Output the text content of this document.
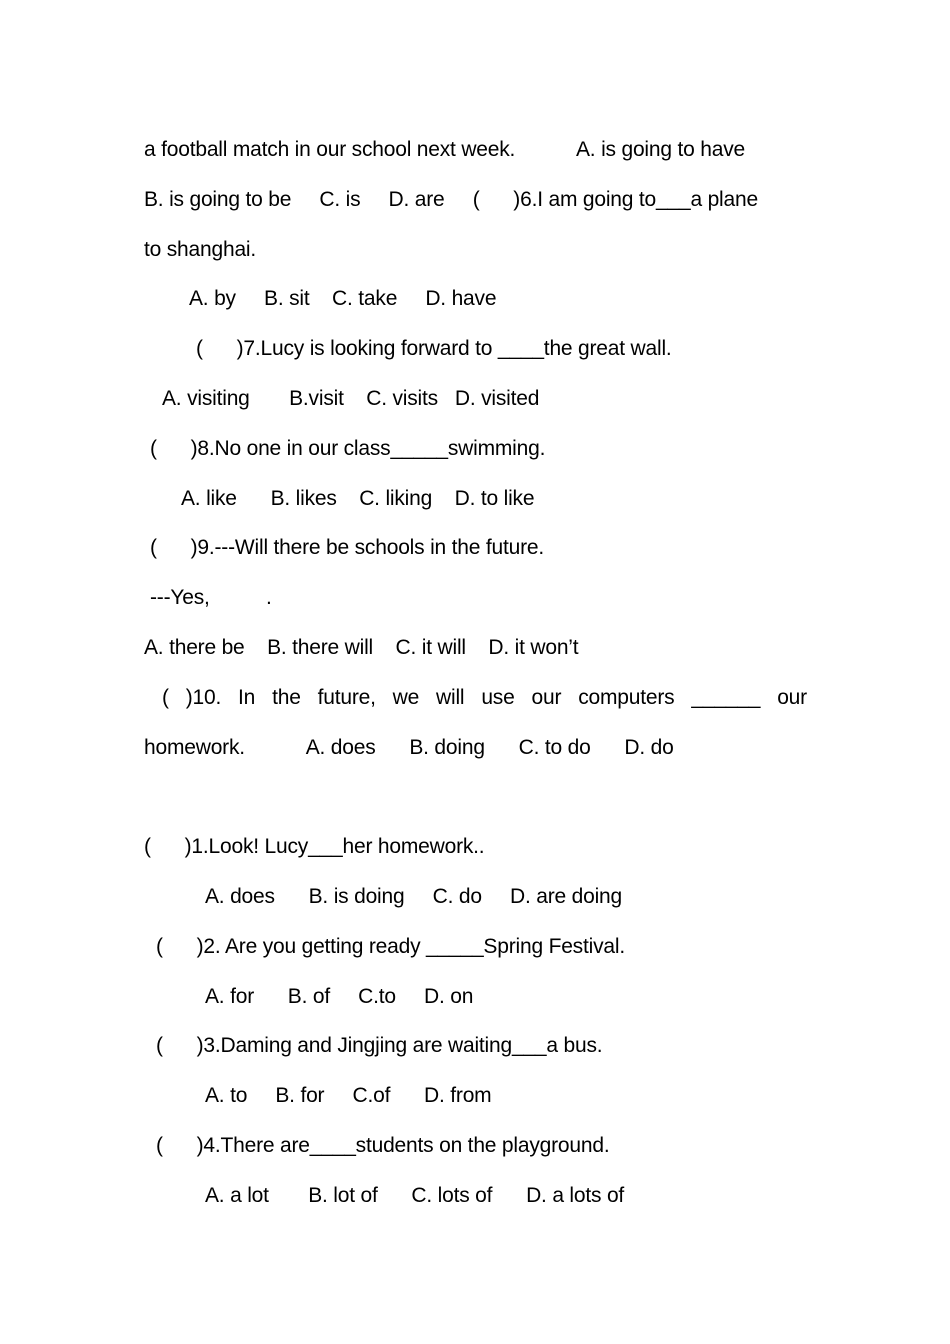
a football match in our school next week.           A. is going to have
B. is going to be     C. is     D. are     (      )6.I am going to___a plane
to shanghai.
A. by     B. sit    C. take     D. have
(      )7.Lucy is looking forward to ____the great wall.
A. visiting       B.visit    C. visits   D. visited
(      )8.No one in our class_____swimming.
A. like      B. likes    C. liking    D. to like
(      )9.---Will there be schools in the future.
---Yes,          .
A. there be    B. there will    C. it will    D. it won’t
( )10. In the future, we will use our computers ______ our
homework.           A. does      B. doing      C. to do      D. do
(      )1.Look! Lucy___her homework..
A. does      B. is doing     C. do     D. are doing
(      )2. Are you getting ready _____Spring Festival.
A. for      B. of     C.to     D. on
(      )3.Daming and Jingjing are waiting___a bus.
A. to     B. for     C.of      D. from
(      )4.There are____students on the playground.
A. a lot       B. lot of      C. lots of      D. a lots of
